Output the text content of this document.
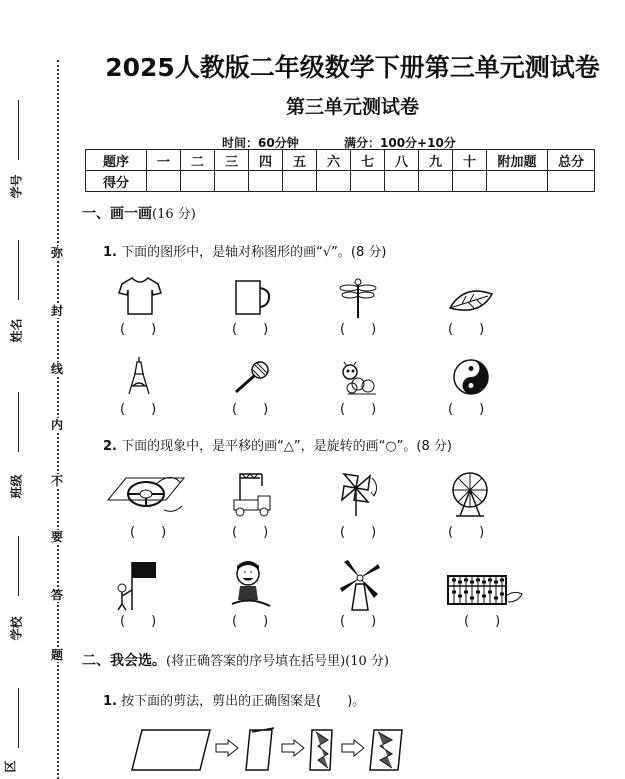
学号
姓名
班级
学校
区
弥
封
线
内
不
要
答
题
2025人教版二年级数学下册第三单元测试卷
第三单元测试卷
时间：60分钟	满分：100分+10分
题序	一	二	三	四	五	六	七	八	九	十	附加题	总分
得分												
一、画一画(16 分)
1. 下面的图形中，是轴对称图形的画“√”。(8 分)
(　　)	(　　)	(　　)	(　　)
(　　)	(　　)	(　　)	(　　)
2. 下面的现象中，是平移的画“△”，是旋转的画“○”。(8 分)
(　　)	(　　)	(　　)	(　　)
(　　)	(　　)	(　　)	(　　)
二、我会选。(将正确答案的序号填在括号里)(10 分)
1. 按下面的剪法，剪出的正确图案是(　　)。
